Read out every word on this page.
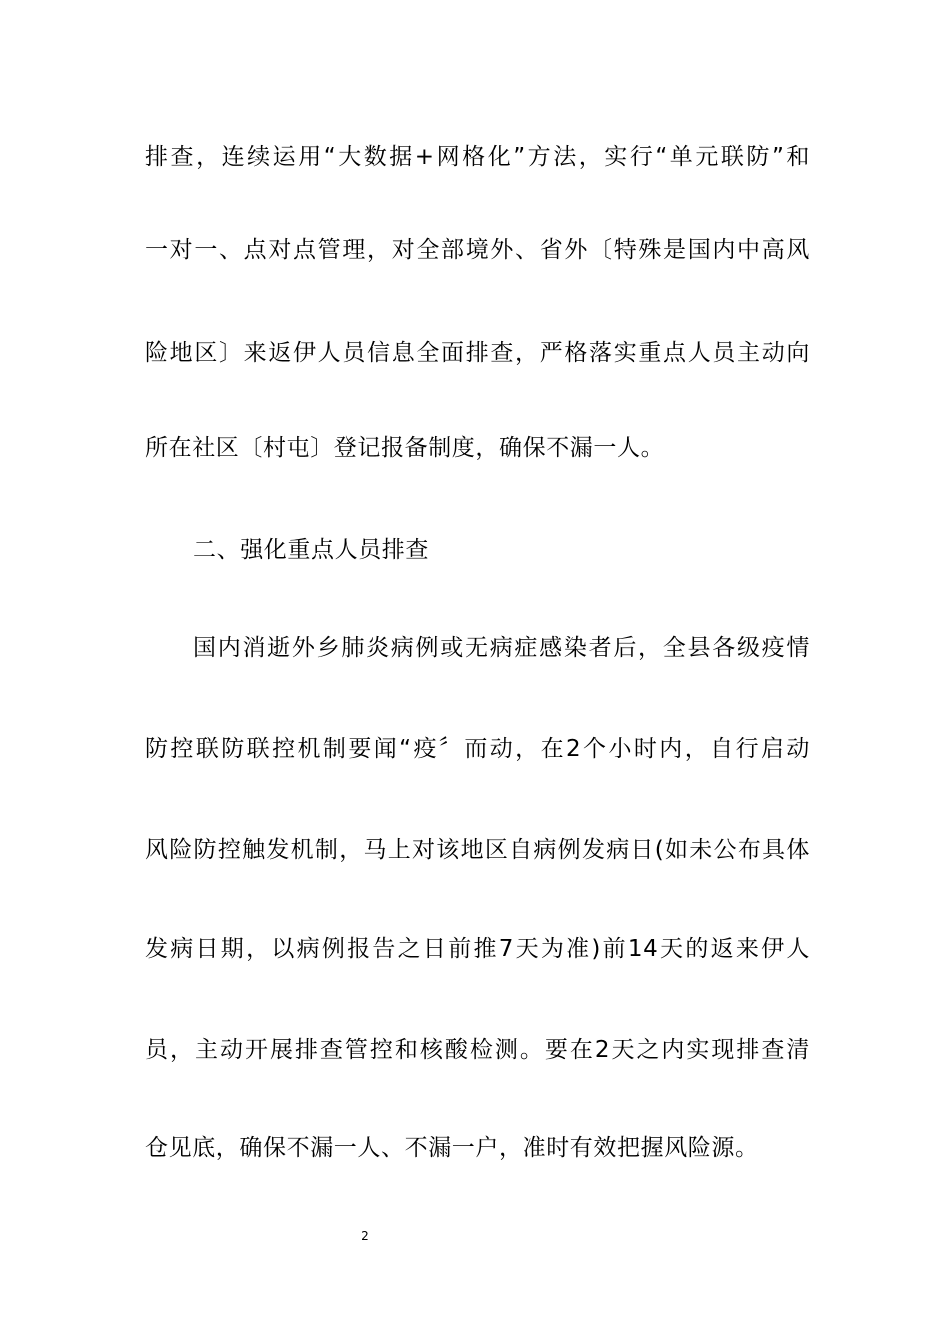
排查，连续运用“大数据+网格化”方法，实行“单元联防”和
一对一、点对点管理，对全部境外、省外〔特殊是国内中高风
险地区〕来返伊人员信息全面排查，严格落实重点人员主动向
所在社区〔村屯〕登记报备制度，确保不漏一人。
二、强化重点人员排查
国内消逝外乡肺炎病例或无病症感染者后，全县各级疫情
防控联防联控机制要闻“疫〞而动，在2个小时内，自行启动
风险防控触发机制，马上对该地区自病例发病日(如未公布具体
发病日期，以病例报告之日前推7天为准)前14天的返来伊人
员，主动开展排查管控和核酸检测。要在2天之内实现排查清
仓见底，确保不漏一人、不漏一户，准时有效把握风险源。
2
